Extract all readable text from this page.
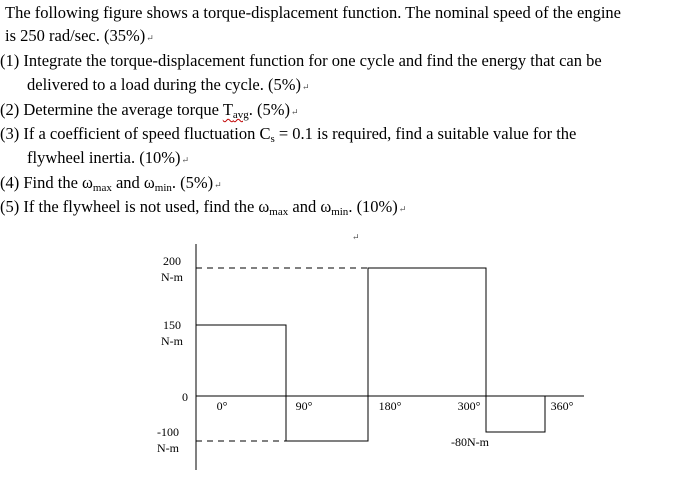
The following figure shows a torque-displacement function. The nominal speed of the engine
is 250 rad/sec. (35%)↵
(1) Integrate the torque-displacement function for one cycle and find the energy that can be
delivered to a load during the cycle. (5%)↵
(2) Determine the average torque $T_{avg}$. (5%)↵
(3) If a coefficient of speed fluctuation $C_s = 0.1$ is required, find a suitable value for the
flywheel inertia. (10%)↵
(4) Find the $\omega_{max}$ and $\omega_{min}$. (5%)↵
(5) If the flywheel is not used, find the $\omega_{max}$ and $\omega_{min}$. (10%)↵
200
N-m
150
N-m
0
-100
N-m
0°	90°	180°	300°	360°
-80N-m
↵
